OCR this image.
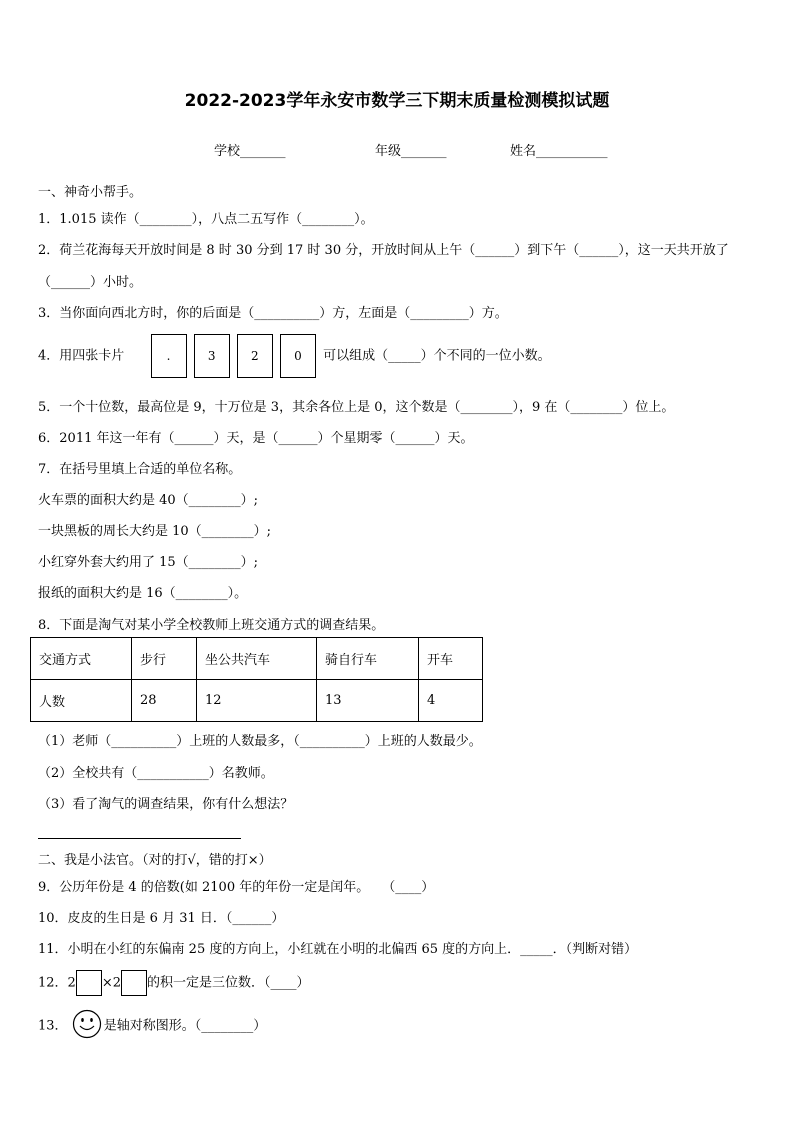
2022-2023学年永安市数学三下期末质量检测模拟试题
学校_______	年级_______	姓名___________
一、神奇小帮手。
1．1.015 读作（________），八点二五写作（________）。
2．荷兰花海每天开放时间是 8 时 30 分到 17 时 30 分，开放时间从上午（______）到下午（______），这一天共开放了
（______）小时。
3．当你面向西北方时，你的后面是（__________）方，左面是（_________）方。
4．用四张卡片	.	3	2	0 可以组成（_____）个不同的一位小数。
5．一个十位数，最高位是 9，十万位是 3，其余各位上是 0，这个数是（________），9 在（________）位上。
6．2011 年这一年有（______）天，是（______）个星期零（______）天。
7．在括号里填上合适的单位名称。
火车票的面积大约是 40（________）;
一块黑板的周长大约是 10（________）;
小红穿外套大约用了 15（________）;
报纸的面积大约是 16（________）。
8．下面是淘气对某小学全校教师上班交通方式的调查结果。
交通方式	步行	坐公共汽车	骑自行车	开车
人数	28	12	13	4
（1）老师（__________）上班的人数最多，（__________）上班的人数最少。
（2）全校共有（___________）名教师。
（3）看了淘气的调查结果，你有什么想法？
二、我是小法官。（对的打√，错的打×）
9．公历年份是 4 的倍数(如 2100 年的年份一定是闰年。　　（____）
10．皮皮的生日是 6 月 31 日．（______）
11．小明在小红的东偏南 25 度的方向上，小红就在小明的北偏西 65 度的方向上．_____．（判断对错）
12．2 ×2 的积一定是三位数．（____）
13．	是轴对称图形。（________）
